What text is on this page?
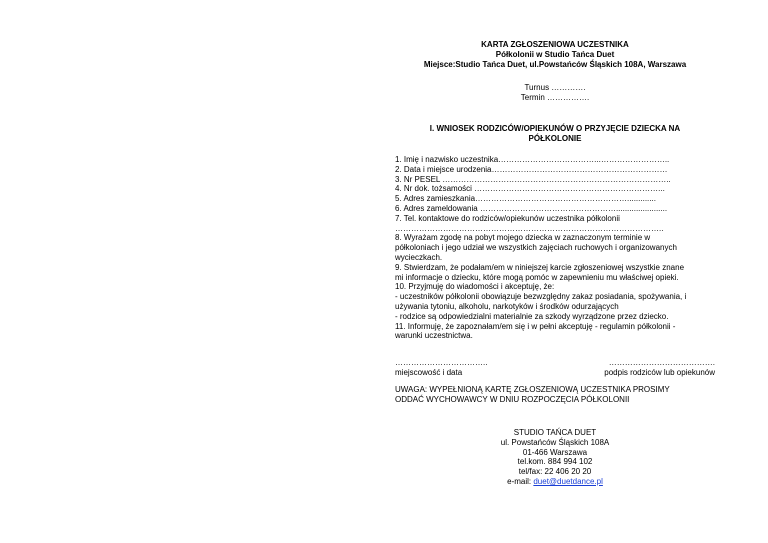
KARTA ZGŁOSZENIOWA UCZESTNIKA
Półkolonii w Studio Tańca Duet
Miejsce:Studio Tańca Duet, ul.Powstańców Śląskich 108A, Warszawa
Turnus ………….
Termin …………….
I. WNIOSEK RODZICÓW/OPIEKUNÓW O PRZYJĘCIE DZIECKA NA
PÓŁKOLONIE
1. Imię i nazwisko uczestnika………………………………...……………………..
2. Data i miejsce urodzenia…………………………………………………………
3. Nr PESEL …………………………………………………………………………..
4. Nr dok. tożsamości ……………………………………………………………...
5. Adres zamieszkania………………………………………………….............
6. Adres zameldowania …………………………………………….......................
7. Tel. kontaktowe do rodziców/opiekunów uczestnika półkolonii
………………………………………………………………………………………..
8. Wyrażam zgodę na pobyt mojego dziecka w zaznaczonym terminie w
półkoloniach i jego udział we wszystkich zajęciach ruchowych i organizowanych
wycieczkach.
9. Stwierdzam, że podałam/em w niniejszej karcie zgłoszeniowej wszystkie znane
mi informacje o dziecku, które mogą pomóc w zapewnieniu mu właściwej opieki.
10. Przyjmuję do wiadomości i akceptuję, że:
- uczestników półkolonii obowiązuje bezwzględny zakaz posiadania, spożywania, i
używania tytoniu, alkoholu, narkotyków i środków odurzających
- rodzice są odpowiedzialni materialnie za szkody wyrządzone przez dziecko.
11. Informuję, że zapoznałam/em się i w pełni akceptuję - regulamin półkolonii -
warunki uczestnictwa.
……………………………..
miejscowość i data
………………………………….
podpis rodziców lub opiekunów
UWAGA: WYPEŁNIONĄ KARTĘ ZGŁOSZENIOWĄ UCZESTNIKA PROSIMY
ODDAĆ WYCHOWAWCY W DNIU ROZPOCZĘCIA PÓŁKOLONII
STUDIO TAŃCA DUET
ul. Powstańców Śląskich 108A
01-466 Warszawa
tel.kom. 884 994 102
tel/fax: 22 406 20 20
e-mail: duet@duetdance.pl
